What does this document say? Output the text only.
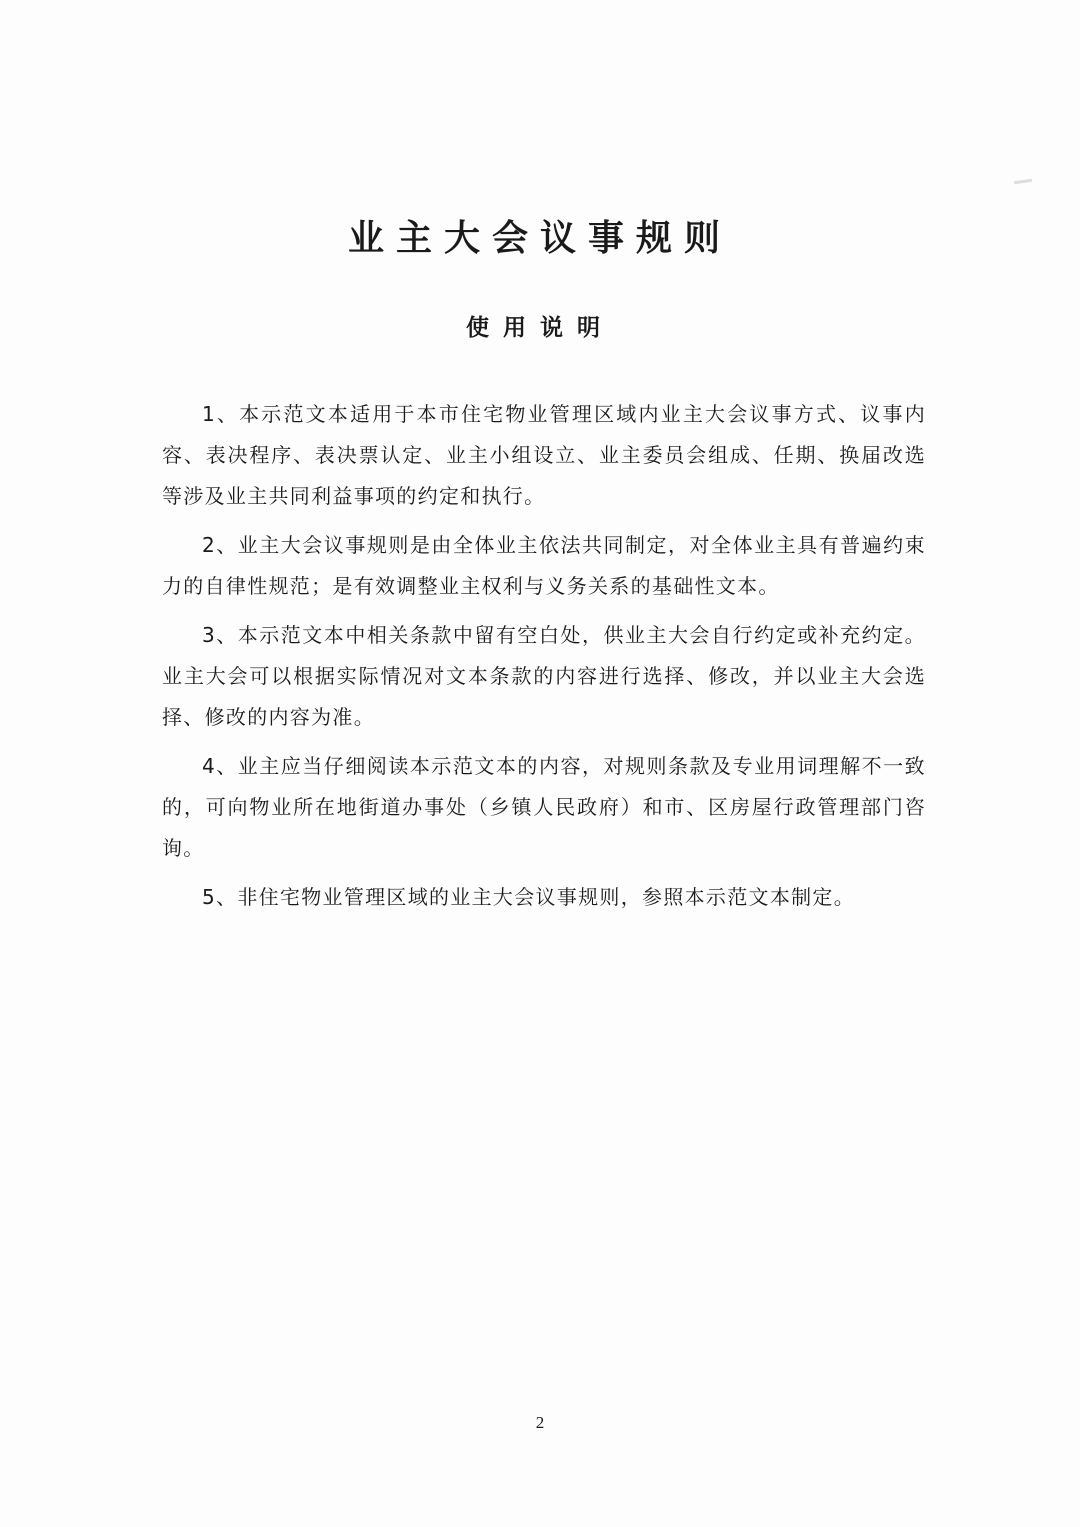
业主大会议事规则
使用说明

1、本示范文本适用于本市住宅物业管理区域内业主大会议事方式、议事内容、表决程序、表决票认定、业主小组设立、业主委员会组成、任期、换届改选等涉及业主共同利益事项的约定和执行。

2、业主大会议事规则是由全体业主依法共同制定，对全体业主具有普遍约束力的自律性规范；是有效调整业主权利与义务关系的基础性文本。

3、本示范文本中相关条款中留有空白处，供业主大会自行约定或补充约定。业主大会可以根据实际情况对文本条款的内容进行选择、修改，并以业主大会选择、修改的内容为准。

4、业主应当仔细阅读本示范文本的内容，对规则条款及专业用词理解不一致的，可向物业所在地街道办事处（乡镇人民政府）和市、区房屋行政管理部门咨询。

5、非住宅物业管理区域的业主大会议事规则，参照本示范文本制定。

2
